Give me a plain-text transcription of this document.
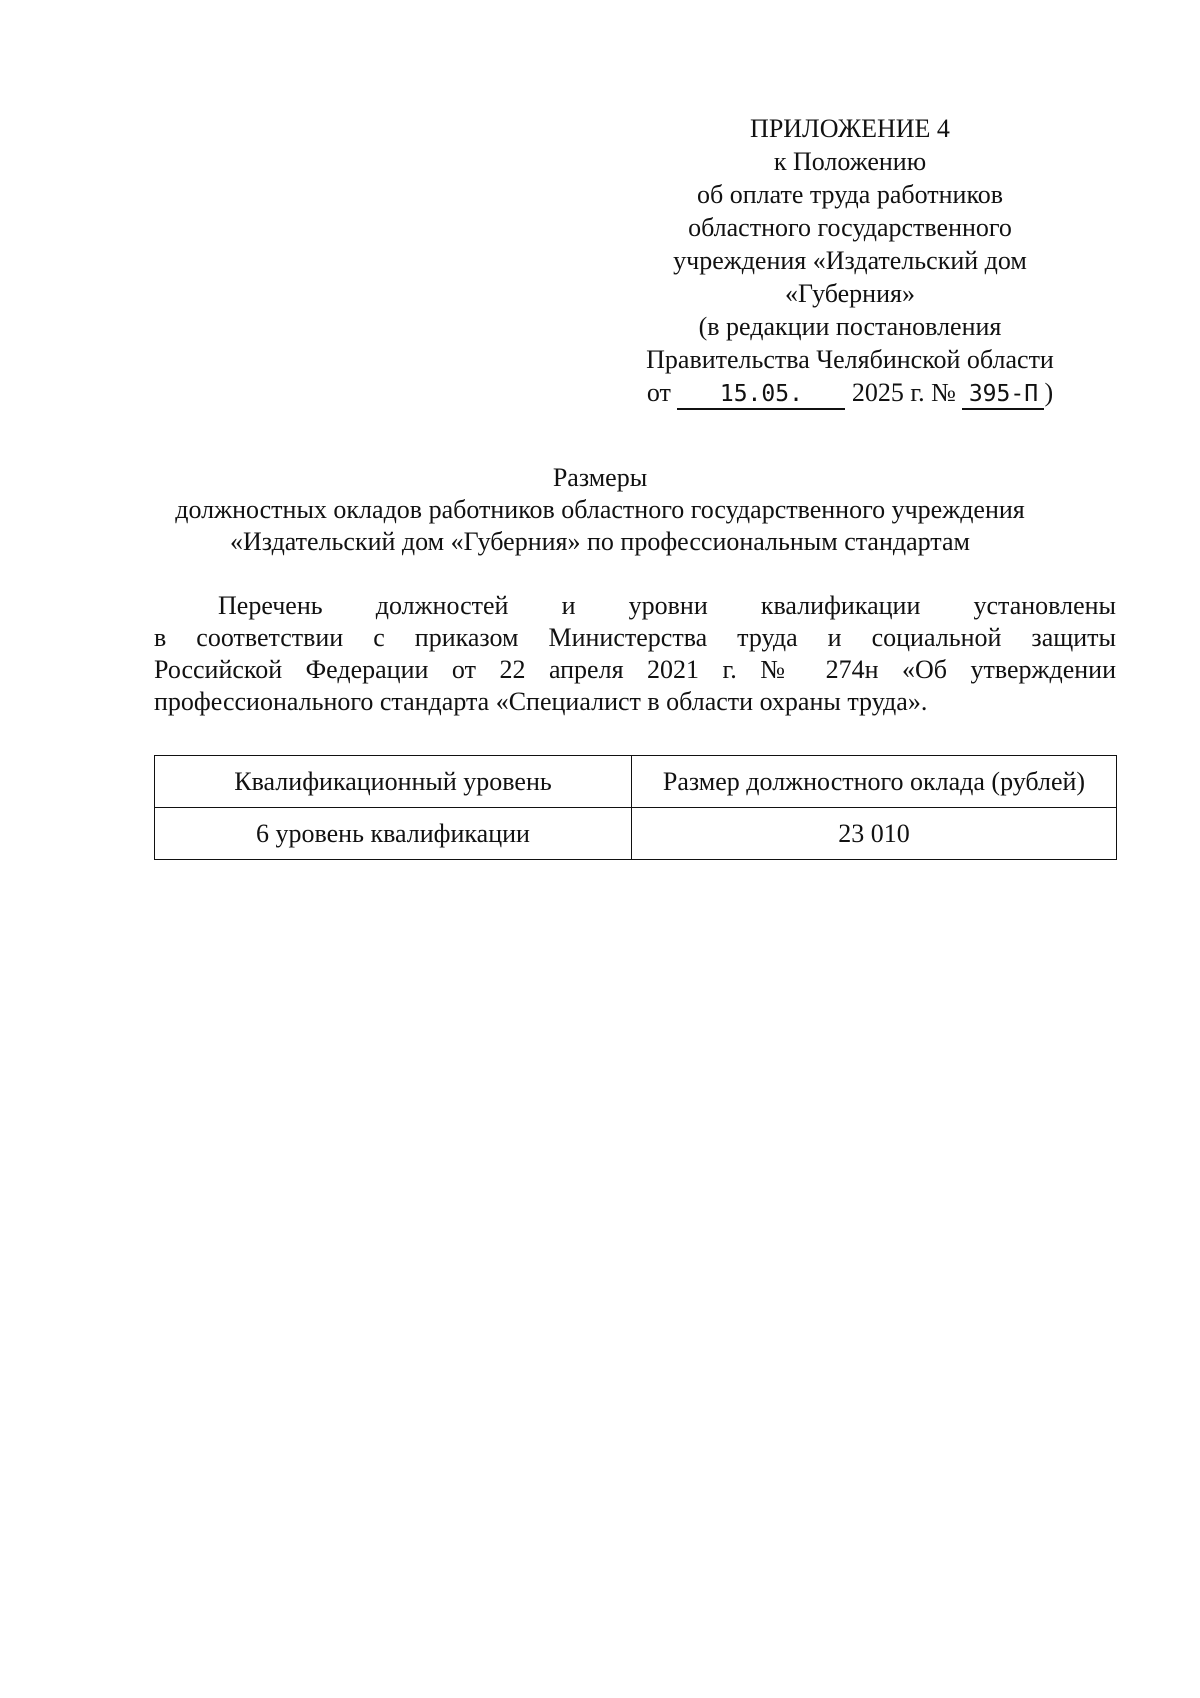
ПРИЛОЖЕНИЕ 4
к Положению
об оплате труда работников
областного государственного
учреждения «Издательский дом
«Губерния»
(в редакции постановления
Правительства Челябинской области
от 15.05. 2025 г. № 395-П )
Размеры
должностных окладов работников областного государственного учреждения
«Издательский дом «Губерния» по профессиональным стандартам
Перечень должностей и уровни квалификации установлены
в соответствии с приказом Министерства труда и социальной защиты
Российской Федерации от 22 апреля 2021 г. № 274н «Об утверждении
профессионального стандарта «Специалист в области охраны труда».
Квалификационный уровень	Размер должностного оклада (рублей)
6 уровень квалификации	23 010
